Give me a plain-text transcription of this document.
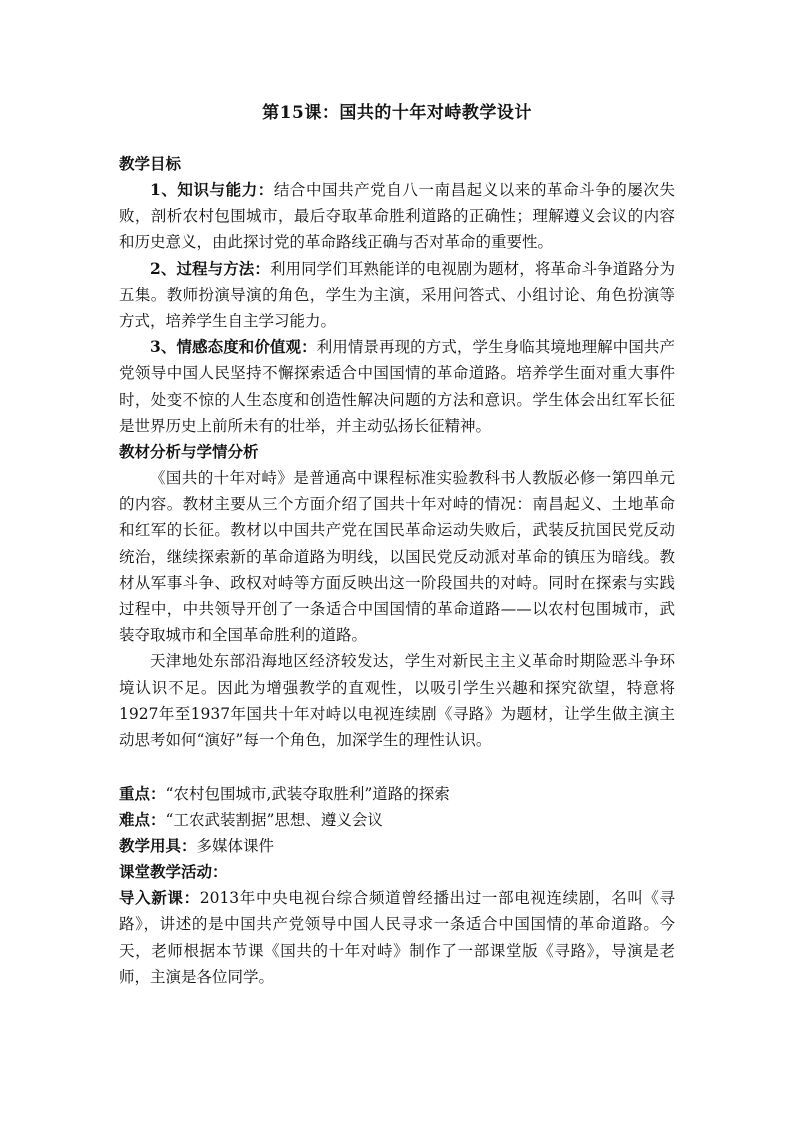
第15课：国共的十年对峙教学设计

教学目标

1、知识与能力：结合中国共产党自八一南昌起义以来的革命斗争的屡次失败，剖析农村包围城市，最后夺取革命胜利道路的正确性；理解遵义会议的内容和历史意义，由此探讨党的革命路线正确与否对革命的重要性。

2、过程与方法：利用同学们耳熟能详的电视剧为题材，将革命斗争道路分为五集。教师扮演导演的角色，学生为主演，采用问答式、小组讨论、角色扮演等方式，培养学生自主学习能力。

3、情感态度和价值观：利用情景再现的方式，学生身临其境地理解中国共产党领导中国人民坚持不懈探索适合中国国情的革命道路。培养学生面对重大事件时，处变不惊的人生态度和创造性解决问题的方法和意识。学生体会出红军长征是世界历史上前所未有的壮举，并主动弘扬长征精神。

教材分析与学情分析

《国共的十年对峙》是普通高中课程标准实验教科书人教版必修一第四单元的内容。教材主要从三个方面介绍了国共十年对峙的情况：南昌起义、土地革命和红军的长征。教材以中国共产党在国民革命运动失败后，武装反抗国民党反动统治，继续探索新的革命道路为明线，以国民党反动派对革命的镇压为暗线。教材从军事斗争、政权对峙等方面反映出这一阶段国共的对峙。同时在探索与实践过程中，中共领导开创了一条适合中国国情的革命道路——以农村包围城市，武装夺取城市和全国革命胜利的道路。

天津地处东部沿海地区经济较发达，学生对新民主主义革命时期险恶斗争环境认识不足。因此为增强教学的直观性，以吸引学生兴趣和探究欲望，特意将1927年至1937年国共十年对峙以电视连续剧《寻路》为题材，让学生做主演主动思考如何“演好”每一个角色，加深学生的理性认识。

重点：“农村包围城市,武装夺取胜利”道路的探索

难点：“工农武装割据”思想、遵义会议

教学用具：多媒体课件

课堂教学活动：

导入新课：2013年中央电视台综合频道曾经播出过一部电视连续剧，名叫《寻路》，讲述的是中国共产党领导中国人民寻求一条适合中国国情的革命道路。今天，老师根据本节课《国共的十年对峙》制作了一部课堂版《寻路》，导演是老师，主演是各位同学。
